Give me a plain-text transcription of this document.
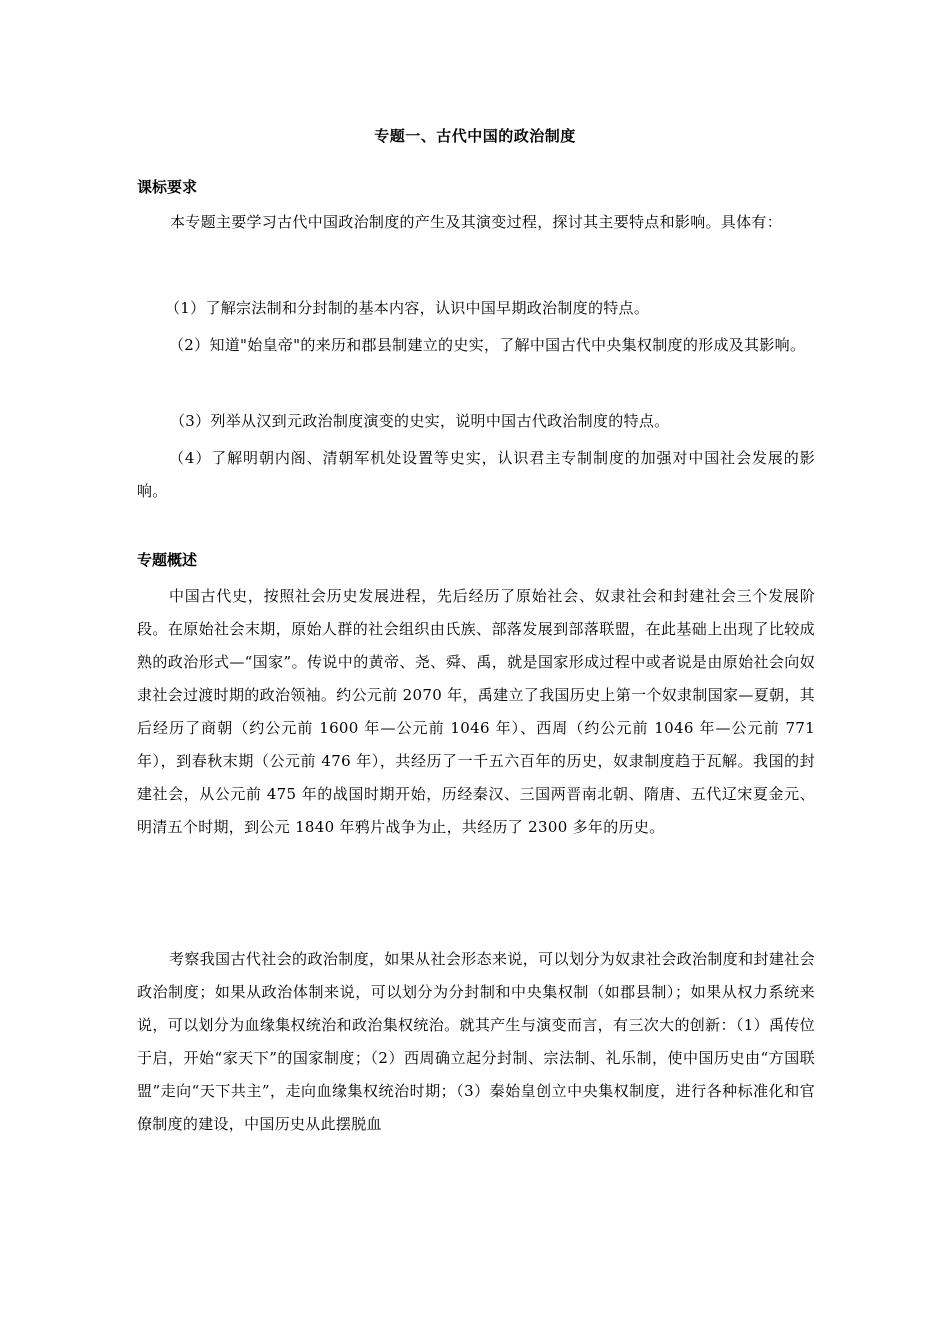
专题一、古代中国的政治制度
课标要求
本专题主要学习古代中国政治制度的产生及其演变过程，探讨其主要特点和影响。具体有：
（1）了解宗法制和分封制的基本内容，认识中国早期政治制度的特点。
（2）知道"始皇帝"的来历和郡县制建立的史实，了解中国古代中央集权制度的形成及其影响。
（3）列举从汉到元政治制度演变的史实，说明中国古代政治制度的特点。
（4）了解明朝内阁、清朝军机处设置等史实，认识君主专制制度的加强对中国社会发展的影响。
专题概述
中国古代史，按照社会历史发展进程，先后经历了原始社会、奴隶社会和封建社会三个发展阶段。在原始社会末期，原始人群的社会组织由氏族、部落发展到部落联盟，在此基础上出现了比较成熟的政治形式—“国家”。传说中的黄帝、尧、舜、禹，就是国家形成过程中或者说是由原始社会向奴隶社会过渡时期的政治领袖。约公元前 2070 年，禹建立了我国历史上第一个奴隶制国家—夏朝，其后经历了商朝（约公元前 1600 年—公元前 1046 年）、西周（约公元前 1046 年—公元前 771 年），到春秋末期（公元前 476 年），共经历了一千五六百年的历史，奴隶制度趋于瓦解。我国的封建社会，从公元前 475 年的战国时期开始，历经秦汉、三国两晋南北朝、隋唐、五代辽宋夏金元、明清五个时期，到公元 1840 年鸦片战争为止，共经历了 2300 多年的历史。
考察我国古代社会的政治制度，如果从社会形态来说，可以划分为奴隶社会政治制度和封建社会政治制度；如果从政治体制来说，可以划分为分封制和中央集权制（如郡县制）；如果从权力系统来说，可以划分为血缘集权统治和政治集权统治。就其产生与演变而言，有三次大的创新：（1）禹传位于启，开始“家天下”的国家制度；（2）西周确立起分封制、宗法制、礼乐制，使中国历史由“方国联盟”走向“天下共主”，走向血缘集权统治时期；（3）秦始皇创立中央集权制度，进行各种标准化和官僚制度的建设，中国历史从此摆脱血
